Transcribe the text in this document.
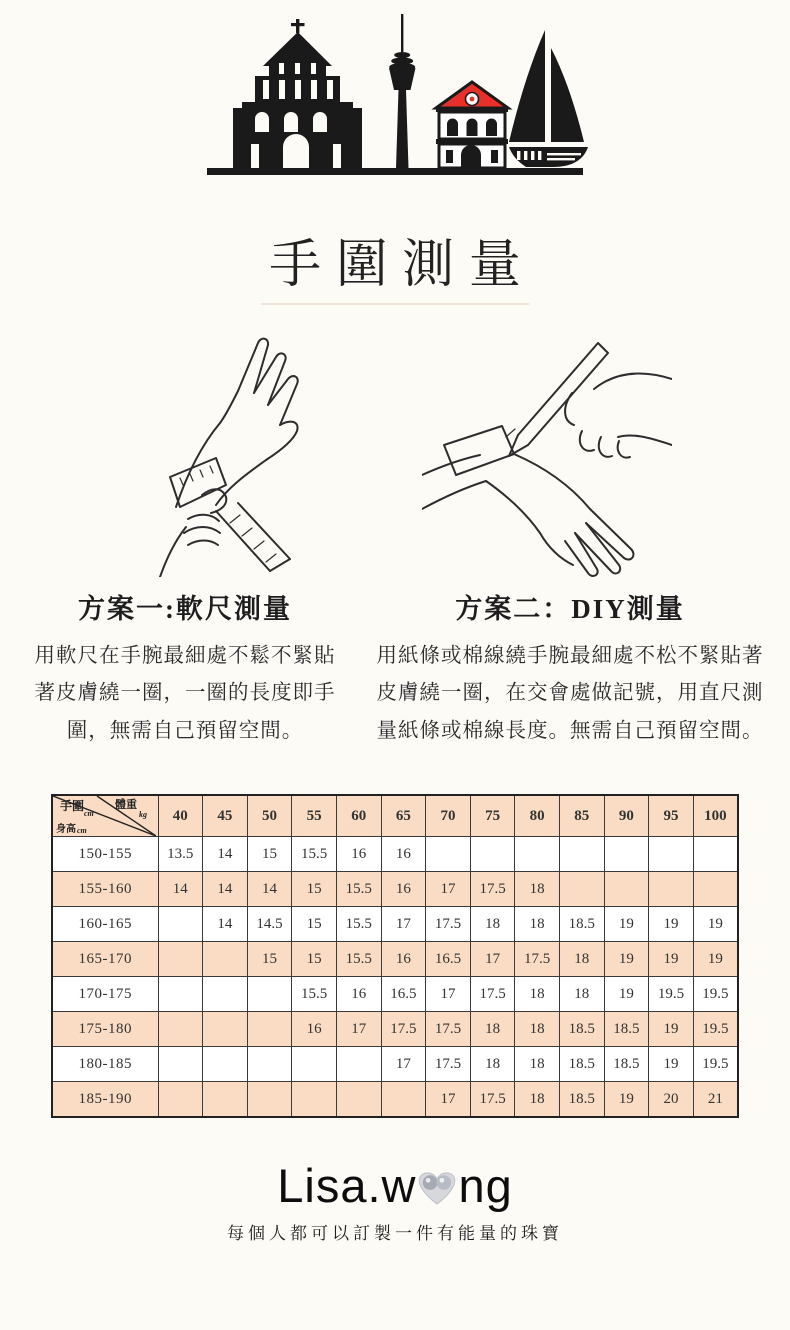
手圍測量
方案一:軟尺測量

用軟尺在手腕最細處不鬆不緊貼著皮膚繞一圈，一圈的長度即手圍，無需自己預留空間。

方案二：DIY測量

用紙條或棉線繞手腕最細處不松不緊貼著皮膚繞一圈，在交會處做記號，用直尺測量紙條或棉線長度。無需自己預留空間。

手圍
cm
體重
kg
身高 cm
	40	45	50	55	60	65	70	75	80	85	90	95	100
150-155	13.5	14	15	15.5	16	16							
155-160	14	14	14	15	15.5	16	17	17.5	18				
160-165		14	14.5	15	15.5	17	17.5	18	18	18.5	19	19	19
165-170			15	15	15.5	16	16.5	17	17.5	18	19	19	19
170-175				15.5	16	16.5	17	17.5	18	18	19	19.5	19.5
175-180				16	17	17.5	17.5	18	18	18.5	18.5	19	19.5
180-185						17	17.5	18	18	18.5	18.5	19	19.5
185-190							17	17.5	18	18.5	19	20	21
Lisa.w ng
每個人都可以訂製一件有能量的珠寶
